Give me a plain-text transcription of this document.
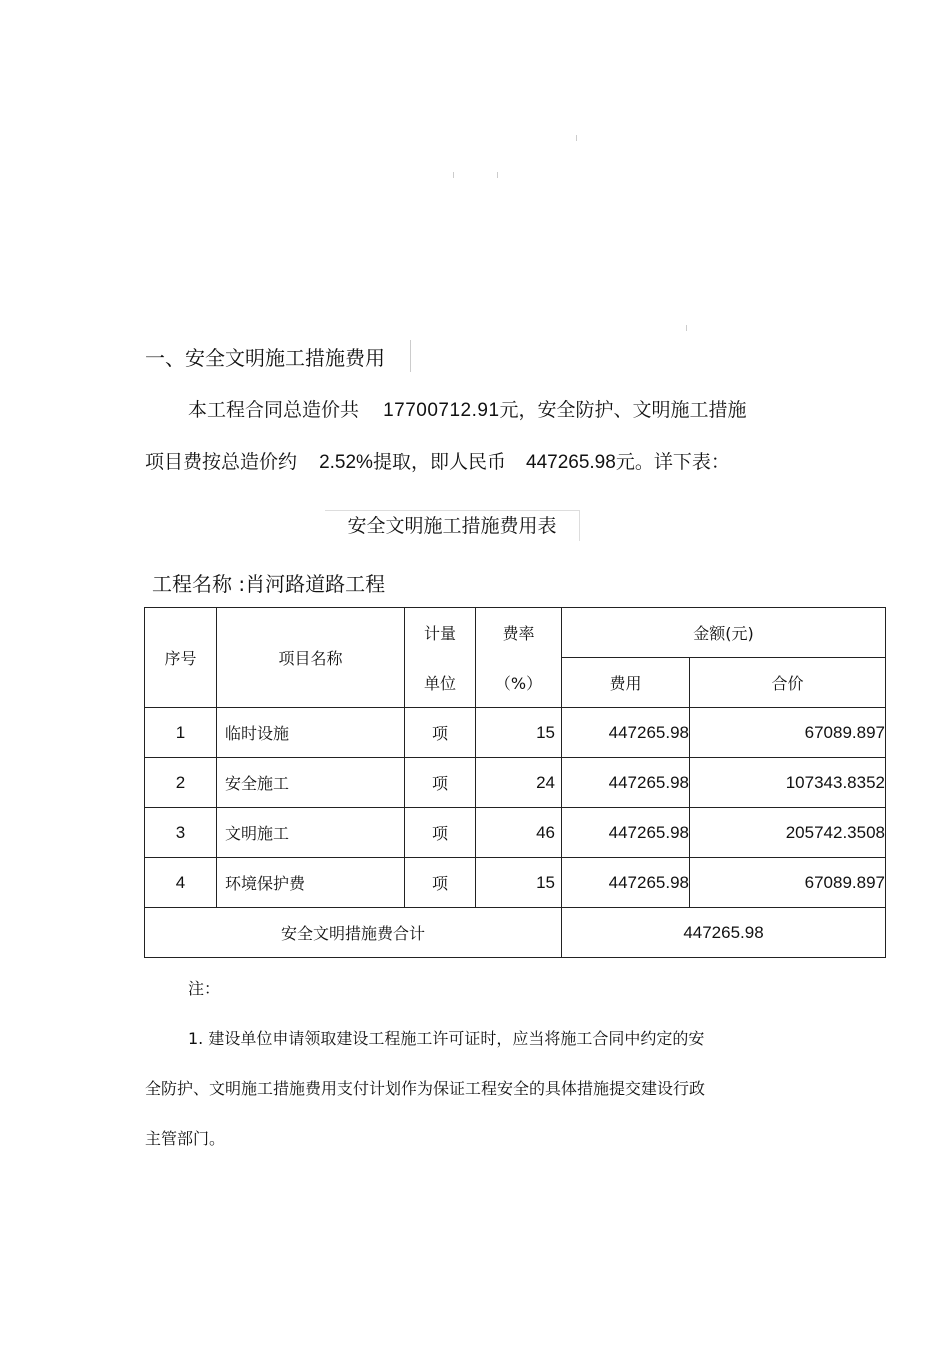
一、安全文明施工措施费用
本工程合同总造价共 17700712.91元，安全防护、文明施工措施
项目费按总造价约 2.52%提取，即人民币 447265.98元。详下表：
安全文明施工措施费用表
工程名称 :肖河路道路工程
序号	项目名称	计量	费率	金额(元)	
		单位	（%）	费用	合价
1	临时设施	项	15	447265.98	67089.897
2	安全施工	项	24	447265.98	107343.8352
3	文明施工	项	46	447265.98	205742.3508
4	环境保护费	项	15	447265.98	67089.897
安全文明措施费合计				447265.98	
注：
1. 建设单位申请领取建设工程施工许可证时，应当将施工合同中约定的安
全防护、文明施工措施费用支付计划作为保证工程安全的具体措施提交建设行政
主管部门。
